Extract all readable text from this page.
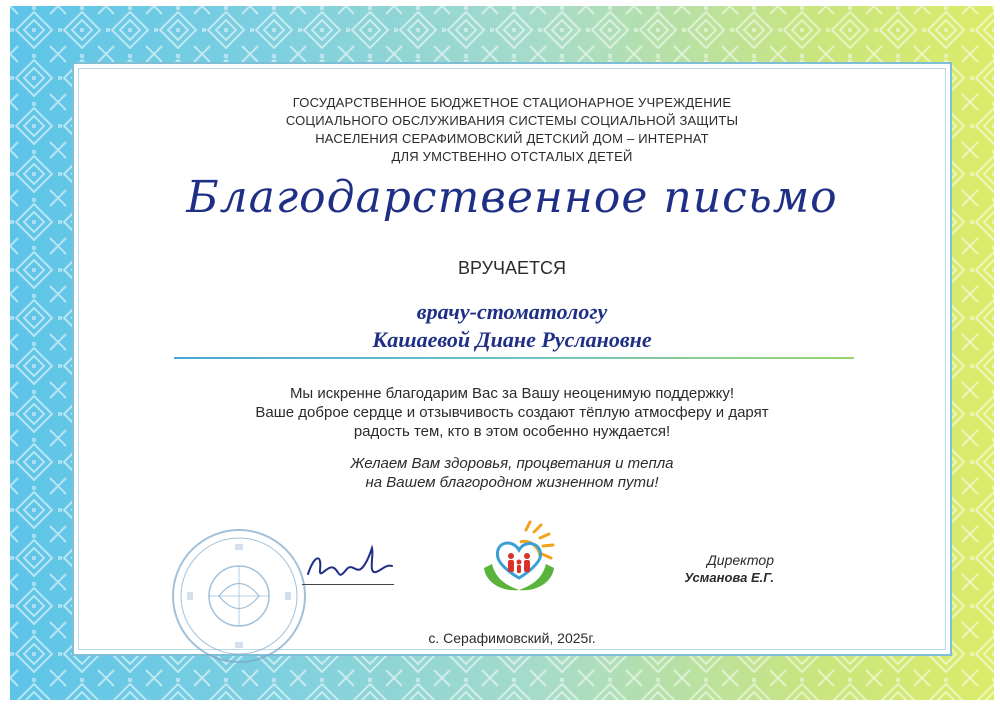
ГОСУДАРСТВЕННОЕ БЮДЖЕТНОЕ СТАЦИОНАРНОЕ УЧРЕЖДЕНИЕ
СОЦИАЛЬНОГО ОБСЛУЖИВАНИЯ СИСТЕМЫ СОЦИАЛЬНОЙ ЗАЩИТЫ
НАСЕЛЕНИЯ СЕРАФИМОВСКИЙ ДЕТСКИЙ ДОМ – ИНТЕРНАТ
ДЛЯ УМСТВЕННО ОТСТАЛЫХ ДЕТЕЙ
Благодарственное письмо
ВРУЧАЕТСЯ
врачу-стоматологу
Кашаевой Диане Руслановне
Мы искренне благодарим Вас за Вашу неоценимую поддержку!
Ваше доброе сердце и отзывчивость создают тёплую атмосферу и дарят
радость тем, кто в этом особенно нуждается!
Желаем Вам здоровья, процветания и тепла
на Вашем благородном жизненном пути!
Директор
Усманова Е.Г.
с. Серафимовский, 2025г.
